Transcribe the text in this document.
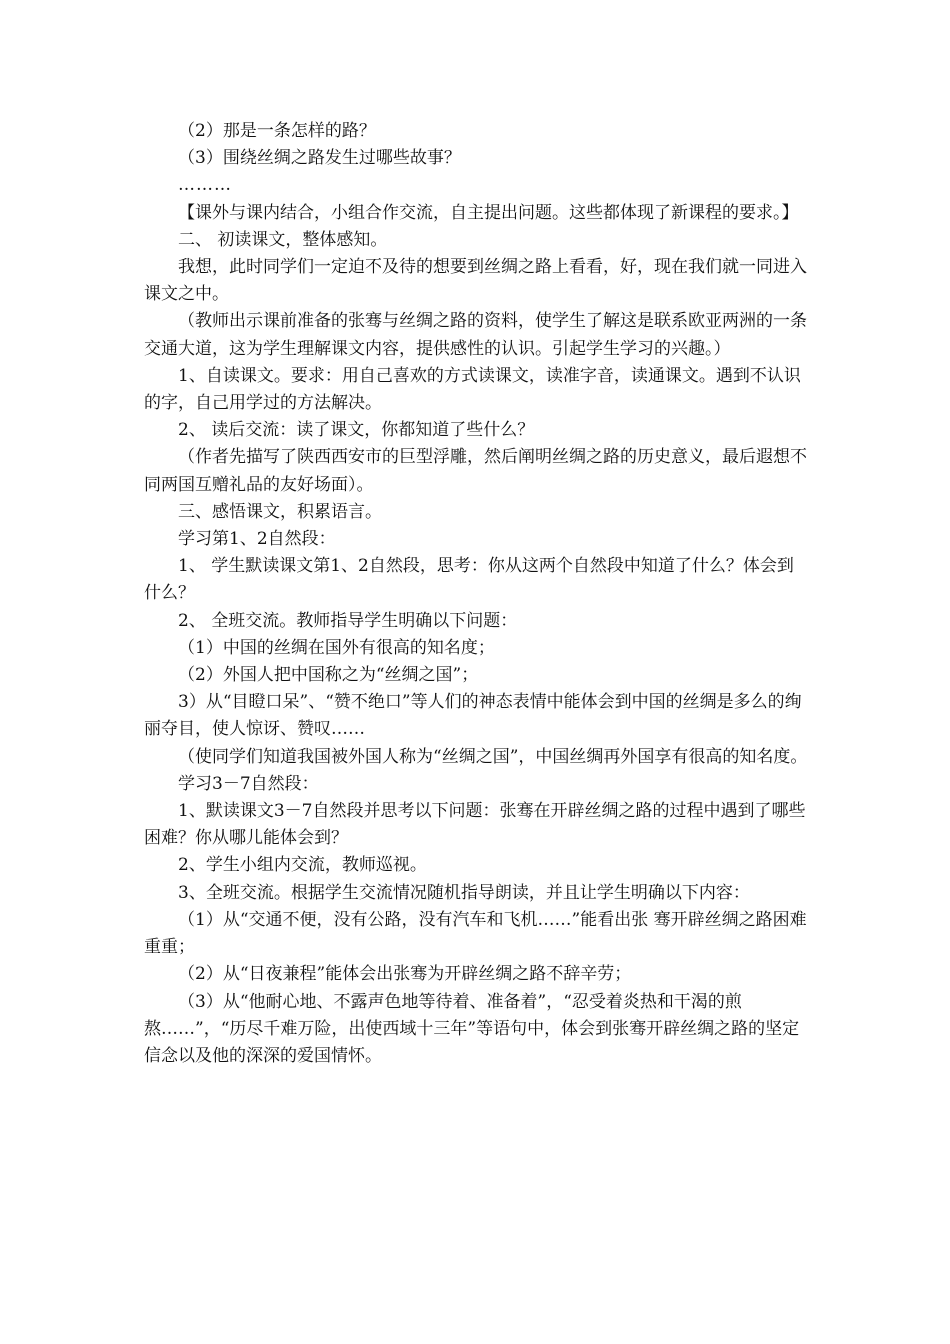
（2）那是一条怎样的路？

（3）围绕丝绸之路发生过哪些故事？

………

【课外与课内结合，小组合作交流，自主提出问题。这些都体现了新课程的要求。】

二、 初读课文，整体感知。

我想，此时同学们一定迫不及待的想要到丝绸之路上看看，好，现在我们就一同进入课文之中。

（教师出示课前准备的张骞与丝绸之路的资料，使学生了解这是联系欧亚两洲的一条交通大道，这为学生理解课文内容，提供感性的认识。引起学生学习的兴趣。）

1、自读课文。要求：用自己喜欢的方式读课文，读准字音，读通课文。遇到不认识的字，自己用学过的方法解决。

2、 读后交流：读了课文，你都知道了些什么？

（作者先描写了陕西西安市的巨型浮雕，然后阐明丝绸之路的历史意义，最后遐想不同两国互赠礼品的友好场面）。

三、感悟课文，积累语言。

学习第1、2自然段：

1、 学生默读课文第1、2自然段，思考：你从这两个自然段中知道了什么？体会到什么？

2、 全班交流。教师指导学生明确以下问题：

（1）中国的丝绸在国外有很高的知名度；

（2）外国人把中国称之为“丝绸之国”；

3）从“目瞪口呆”、“赞不绝口”等人们的神态表情中能体会到中国的丝绸是多么的绚丽夺目，使人惊讶、赞叹……

（使同学们知道我国被外国人称为“丝绸之国”，中国丝绸再外国享有很高的知名度。

学习3－7自然段：

1、默读课文3－7自然段并思考以下问题：张骞在开辟丝绸之路的过程中遇到了哪些困难？你从哪儿能体会到？

2、学生小组内交流，教师巡视。

3、全班交流。根据学生交流情况随机指导朗读，并且让学生明确以下内容：

（1）从“交通不便，没有公路，没有汽车和飞机……”能看出张 骞开辟丝绸之路困难重重；

（2）从“日夜兼程”能体会出张骞为开辟丝绸之路不辞辛劳；

（3）从“他耐心地、不露声色地等待着、准备着”，“忍受着炎热和干渴的煎熬……”，“历尽千难万险，出使西域十三年”等语句中，体会到张骞开辟丝绸之路的坚定信念以及他的深深的爱国情怀。
